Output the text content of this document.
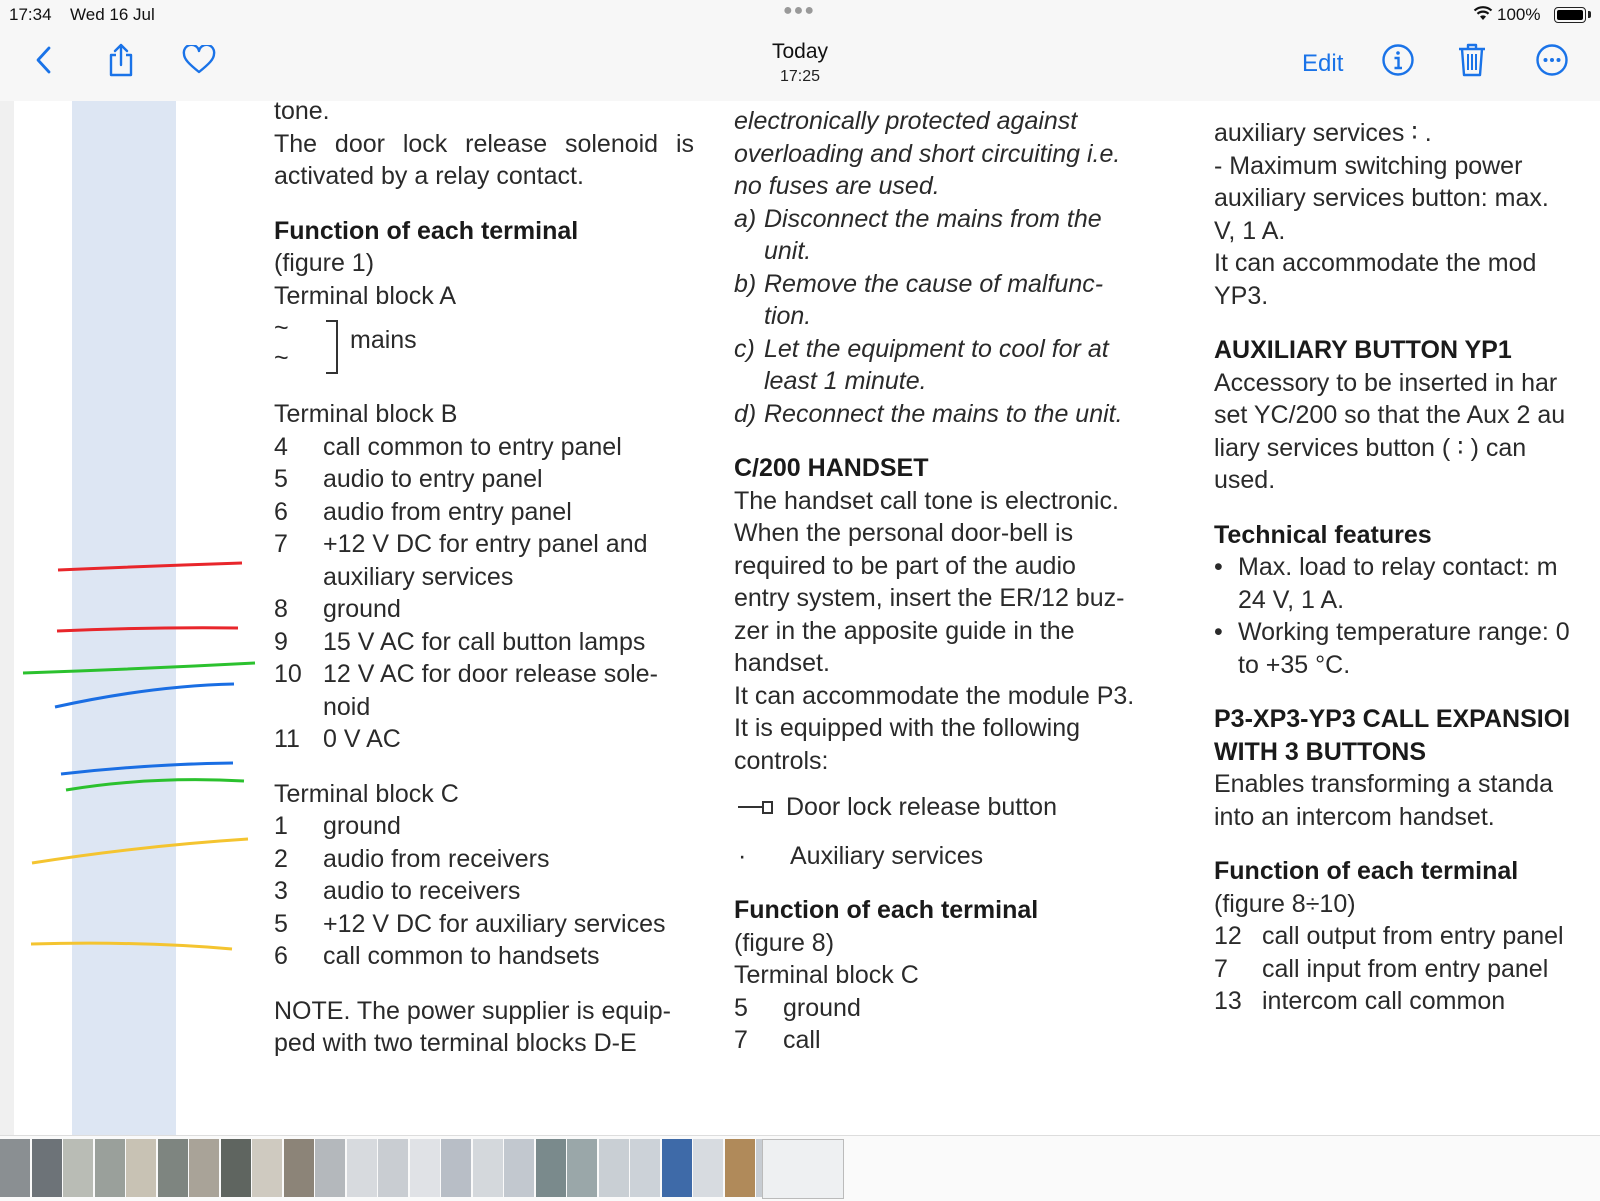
17:34 Wed 16 Jul	●●●	100%
Today
17:25	Edit

tone.

The door lock release solenoid is

activated by a relay contact.

Function of each terminal

(figure 1)

Terminal block A

~
~
mains

Terminal block B

4	call common to entry panel
5	audio to entry panel
6	audio from entry panel
7	+12 V DC for entry panel and
auxiliary services
8	ground
9	15 V AC for call button lamps
10 12 V AC for door release sole-
noid
11 0 V AC

Terminal block C

1	ground
2	audio from receivers
3	audio to receivers
5	+12 V DC for auxiliary services
6	call common to handsets

NOTE. The power supplier is equip-

ped with two terminal blocks D-E

electronically protected against

overloading and short circuiting i.e.

no fuses are used.

a) Disconnect the mains from the

unit.

b) Remove the cause of malfunc-

tion.

c) Let the equipment to cool for at

least 1 minute.

d) Reconnect the mains to the unit.

C/200 HANDSET

The handset call tone is electronic.

When the personal door-bell is

required to be part of the audio

entry system, insert the ER/12 buz-

zer in the apposite guide in the

handset.

It can accommodate the module P3.

It is equipped with the following

controls:

Door lock release button
·	Auxiliary services

Function of each terminal

(figure 8)

Terminal block C

5	ground
7	call

auxiliary services ∶ .

- Maximum switching power

auxiliary services button: max.

V, 1 A.

It can accommodate the mod

YP3.

AUXILIARY BUTTON YP1

Accessory to be inserted in har

set YC/200 so that the Aux 2 au

liary services button ( ∶ ) can

used.

Technical features

• Max. load to relay contact: m

24 V, 1 A.

• Working temperature range: 0

to +35 °C.

P3-XP3-YP3 CALL EXPANSIOI

WITH 3 BUTTONS

Enables transforming a standa

into an intercom handset.

Function of each terminal

(figure 8÷10)

12 call output from entry panel
7	call input from entry panel
13 intercom call common
